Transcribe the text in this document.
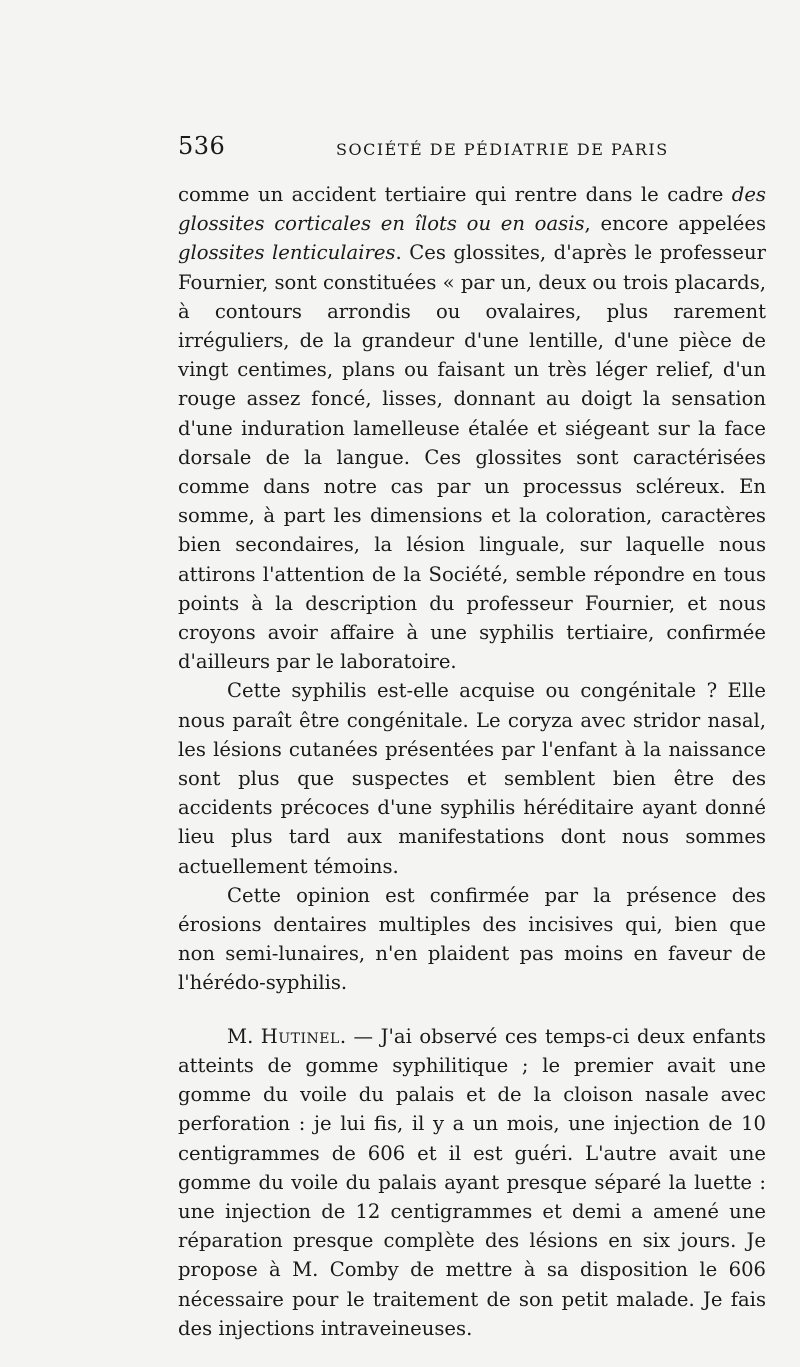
536	SOCIÉTÉ DE PÉDIATRIE DE PARIS

comme un accident tertiaire qui rentre dans le cadre des glossites corticales en îlots ou en oasis, encore appelées glossites lenticulaires. Ces glossites, d'après le professeur Fournier, sont constituées « par un, deux ou trois placards, à contours arrondis ou ovalaires, plus rarement irréguliers, de la grandeur d'une lentille, d'une pièce de vingt centimes, plans ou faisant un très léger relief, d'un rouge assez foncé, lisses, donnant au doigt la sensation d'une induration lamelleuse étalée et siégeant sur la face dorsale de la langue. Ces glossites sont caractérisées comme dans notre cas par un processus scléreux. En somme, à part les dimensions et la coloration, caractères bien secondaires, la lésion linguale, sur laquelle nous attirons l'attention de la Société, semble répondre en tous points à la description du professeur Fournier, et nous croyons avoir affaire à une syphilis tertiaire, confirmée d'ailleurs par le laboratoire.

Cette syphilis est-elle acquise ou congénitale ? Elle nous paraît être congénitale. Le coryza avec stridor nasal, les lésions cutanées présentées par l'enfant à la naissance sont plus que suspectes et semblent bien être des accidents précoces d'une syphilis héréditaire ayant donné lieu plus tard aux manifestations dont nous sommes actuellement témoins.

Cette opinion est confirmée par la présence des érosions dentaires multiples des incisives qui, bien que non semi-lunaires, n'en plaident pas moins en faveur de l'hérédo-syphilis.

M. Hutinel. — J'ai observé ces temps-ci deux enfants atteints de gomme syphilitique ; le premier avait une gomme du voile du palais et de la cloison nasale avec perforation : je lui fis, il y a un mois, une injection de 10 centigrammes de 606 et il est guéri. L'autre avait une gomme du voile du palais ayant presque séparé la luette : une injection de 12 centigrammes et demi a amené une réparation presque complète des lésions en six jours. Je propose à M. Comby de mettre à sa disposition le 606 nécessaire pour le traitement de son petit malade. Je fais des injections intraveineuses.
